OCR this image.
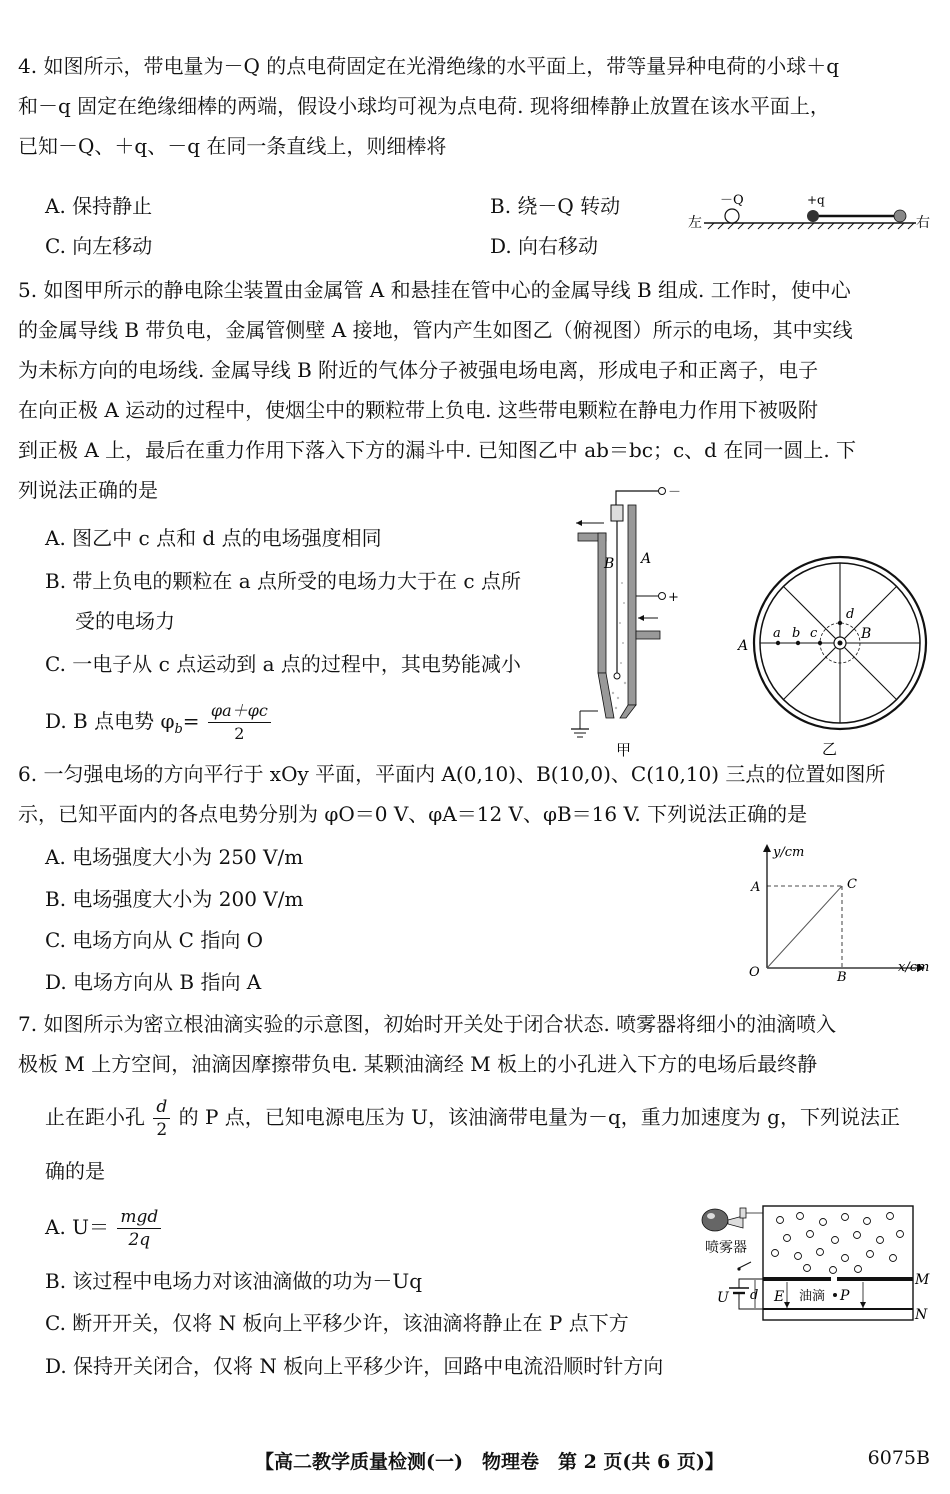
4. 如图所示，带电量为－Q 的点电荷固定在光滑绝缘的水平面上，带等量异种电荷的小球＋q
和－q 固定在绝缘细棒的两端，假设小球均可视为点电荷. 现将细棒静止放置在该水平面上，
已知－Q、＋q、－q 在同一条直线上，则细棒将
A. 保持静止	B. 绕－Q 转动
C. 向左移动	D. 向右移动
左
－Q	+q
右
5. 如图甲所示的静电除尘装置由金属管 A 和悬挂在管中心的金属导线 B 组成. 工作时，使中心
的金属导线 B 带负电，金属管侧壁 A 接地，管内产生如图乙（俯视图）所示的电场，其中实线
为未标方向的电场线. 金属导线 B 附近的气体分子被强电场电离，形成电子和正离子，电子
在向正极 A 运动的过程中，使烟尘中的颗粒带上负电. 这些带电颗粒在静电力作用下被吸附
到正极 A 上，最后在重力作用下落入下方的漏斗中. 已知图乙中 ab＝bc；c、d 在同一圆上. 下
列说法正确的是
A. 图乙中 c 点和 d 点的电场强度相同
B. 带上负电的颗粒在 a 点所受的电场力大于在 c 点所
受的电场力
C. 一电子从 c 点运动到 a 点的过程中，其电势能减小
D. B 点电势 $\varphi_b= \frac{\varphi a+\varphi c}{2}$
－
+
A
B
甲
a b c
d
B
A
乙
6. 一匀强电场的方向平行于 xOy 平面，平面内 A(0,10)、B(10,0)、C(10,10) 三点的位置如图所
示，已知平面内的各点电势分别为 φO＝0 V、φA＝12 V、φB＝16 V. 下列说法正确的是
A. 电场强度大小为 250 V/m
B. 电场强度大小为 200 V/m
C. 电场方向从 C 指向 O
D. 电场方向从 B 指向 A
y/cm
x/cm
O
A
B
C
7. 如图所示为密立根油滴实验的示意图，初始时开关处于闭合状态. 喷雾器将细小的油滴喷入
极板 M 上方空间，油滴因摩擦带负电. 某颗油滴经 M 板上的小孔进入下方的电场后最终静
止在距小孔 $\frac{d}{2}$ 的 P 点，已知电源电压为 U，该油滴带电量为－q，重力加速度为 g，下列说法正
确的是
A. $U= \frac{\text{mgd}}{2q}$
B. 该过程中电场力对该油滴做的功为－Uq
C. 断开开关，仅将 N 板向上平移少许，该油滴将静止在 P 点下方
D. 保持开关闭合，仅将 N 板向上平移少许，回路中电流沿顺时针方向
喷雾器
M
N
E 油滴 P
d
U
【高二教学质量检测(一)　物理卷　第 2 页(共 6 页)】	6075B
